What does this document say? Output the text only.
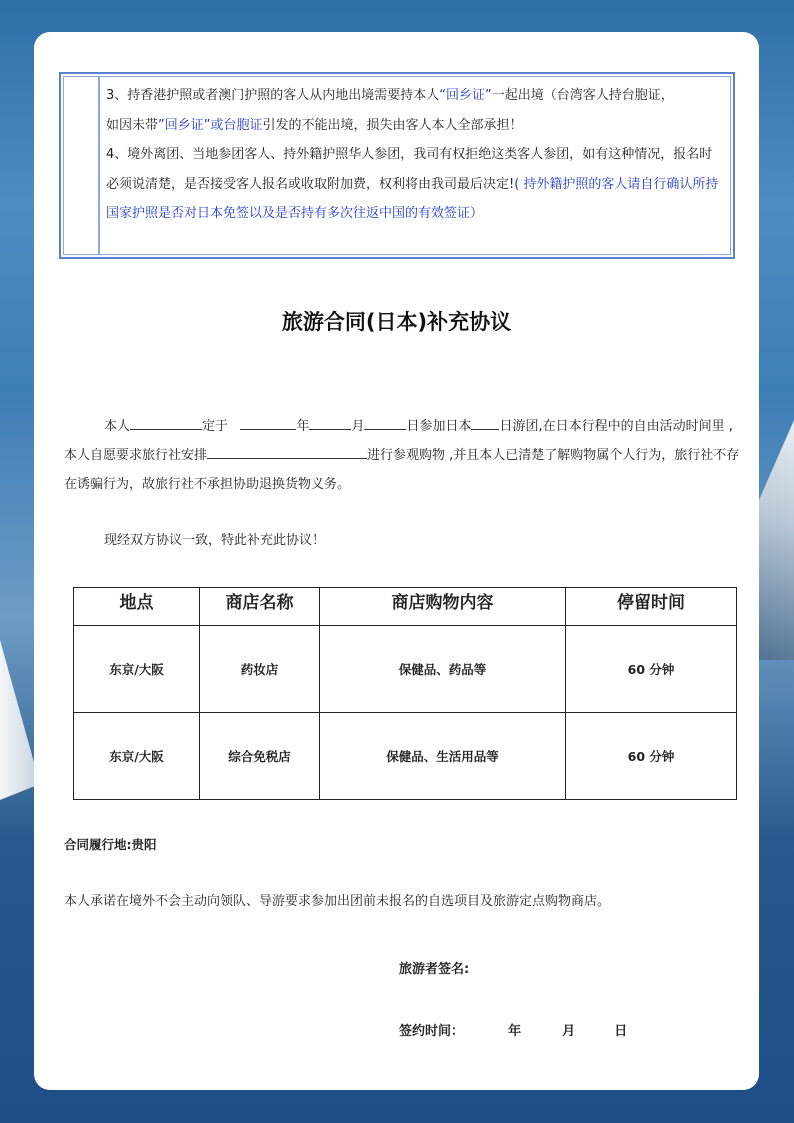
3、持香港护照或者澳门护照的客人从内地出境需要持本人“回乡证”一起出境（台湾客人持台胞证，
如因未带”回乡证”或台胞证引发的不能出境，损失由客人本人全部承担！
4、境外离团、当地参团客人、持外籍护照华人参团，我司有权拒绝这类客人参团，如有这种情况，报名时必须说清楚，是否接受客人报名或收取附加费，权利将由我司最后决定!( 持外籍护照的客人请自行确认所持国家护照是否对日本免签以及是否持有多次往返中国的有效签证）
旅游合同(日本)补充协议
本人	定于	年	月	日参加日本 日游团,在日本行程中的自由活动时间里 ,本人自愿要求旅行社安排	进行参观购物 ,并且本人已清楚了解购物属个人行为，旅行社不存在诱骗行为，故旅行社不承担协助退换货物义务。
现经双方协议一致，特此补充此协议！
地点	商店名称	商店购物内容	停留时间
东京/大阪	药妆店	保健品、药品等	60 分钟
东京/大阪	综合免税店	保健品、生活用品等	60 分钟
合同履行地:贵阳
本人承诺在境外不会主动向领队、导游要求参加出团前未报名的自选项目及旅游定点购物商店。
旅游者签名:
签约时间：	年	月	日
